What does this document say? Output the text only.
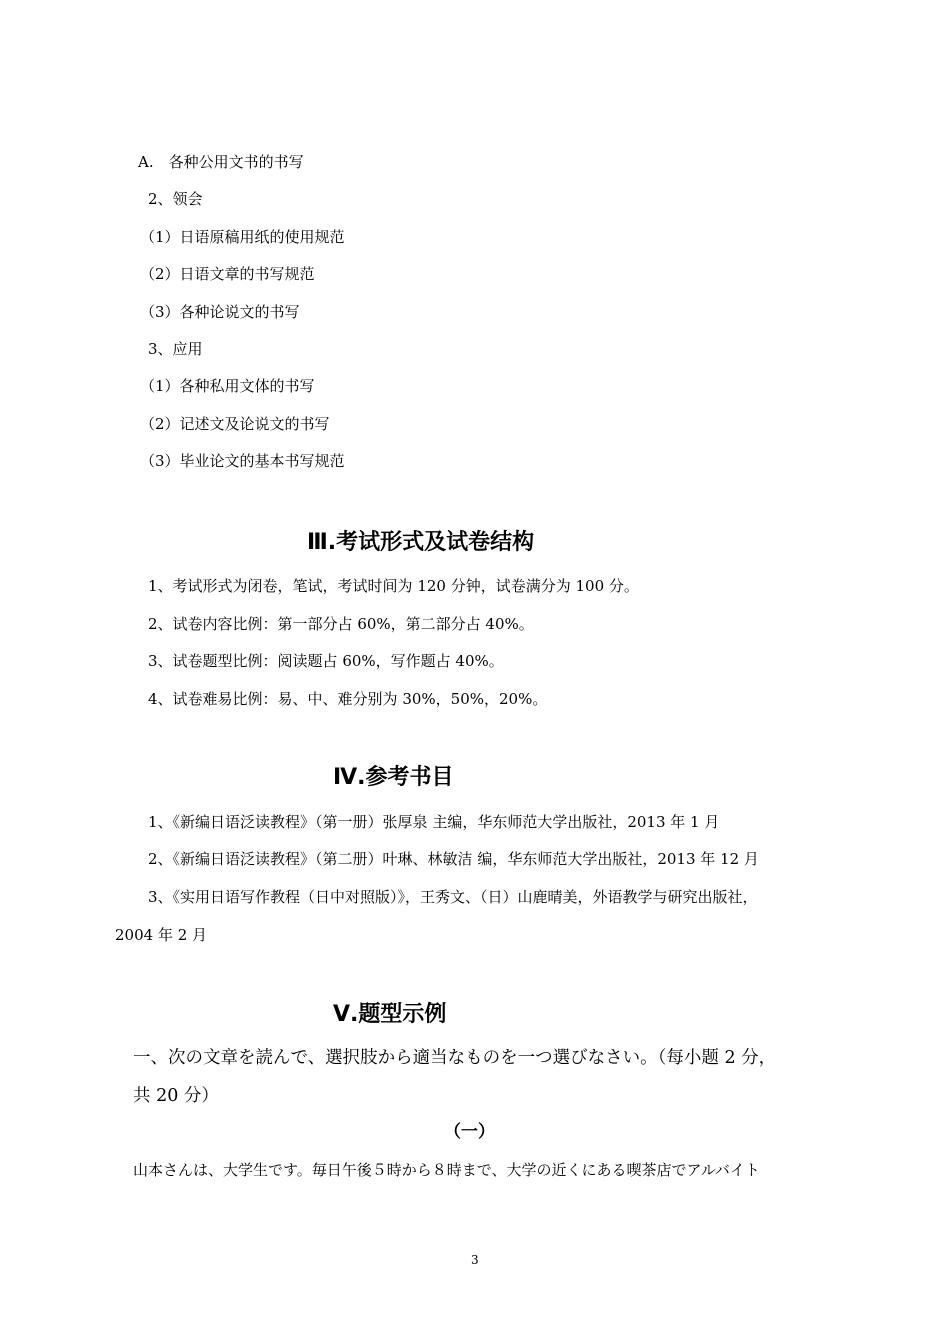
A.　各种公用文书的书写
2、领会
（1）日语原稿用纸的使用规范
（2）日语文章的书写规范
（3）各种论说文的书写
3、应用
（1）各种私用文体的书写
（2）记述文及论说文的书写
（3）毕业论文的基本书写规范
Ⅲ.考试形式及试卷结构
1、考试形式为闭卷，笔试，考试时间为 120 分钟，试卷满分为 100 分。
2、试卷内容比例：第一部分占 60%，第二部分占 40%。
3、试卷题型比例：阅读题占 60%，写作题占 40%。
4、试卷难易比例：易、中、难分别为 30%，50%，20%。
Ⅳ.参考书目
1、《新编日语泛读教程》（第一册）张厚泉 主编，华东师范大学出版社，2013 年 1 月
2、《新编日语泛读教程》（第二册）叶琳、林敏洁 编，华东师范大学出版社，2013 年 12 月
3、《实用日语写作教程（日中对照版）》，王秀文、（日）山鹿晴美，外语教学与研究出版社，
2004 年 2 月
Ⅴ.题型示例
一、次の文章を読んで、選択肢から適当なものを一つ選びなさい。（每小题 2 分，
共 20 分）
（一）
山本さんは、大学生です。毎日午後５時から８時まで、大学の近くにある喫茶店でアルバイト
3
